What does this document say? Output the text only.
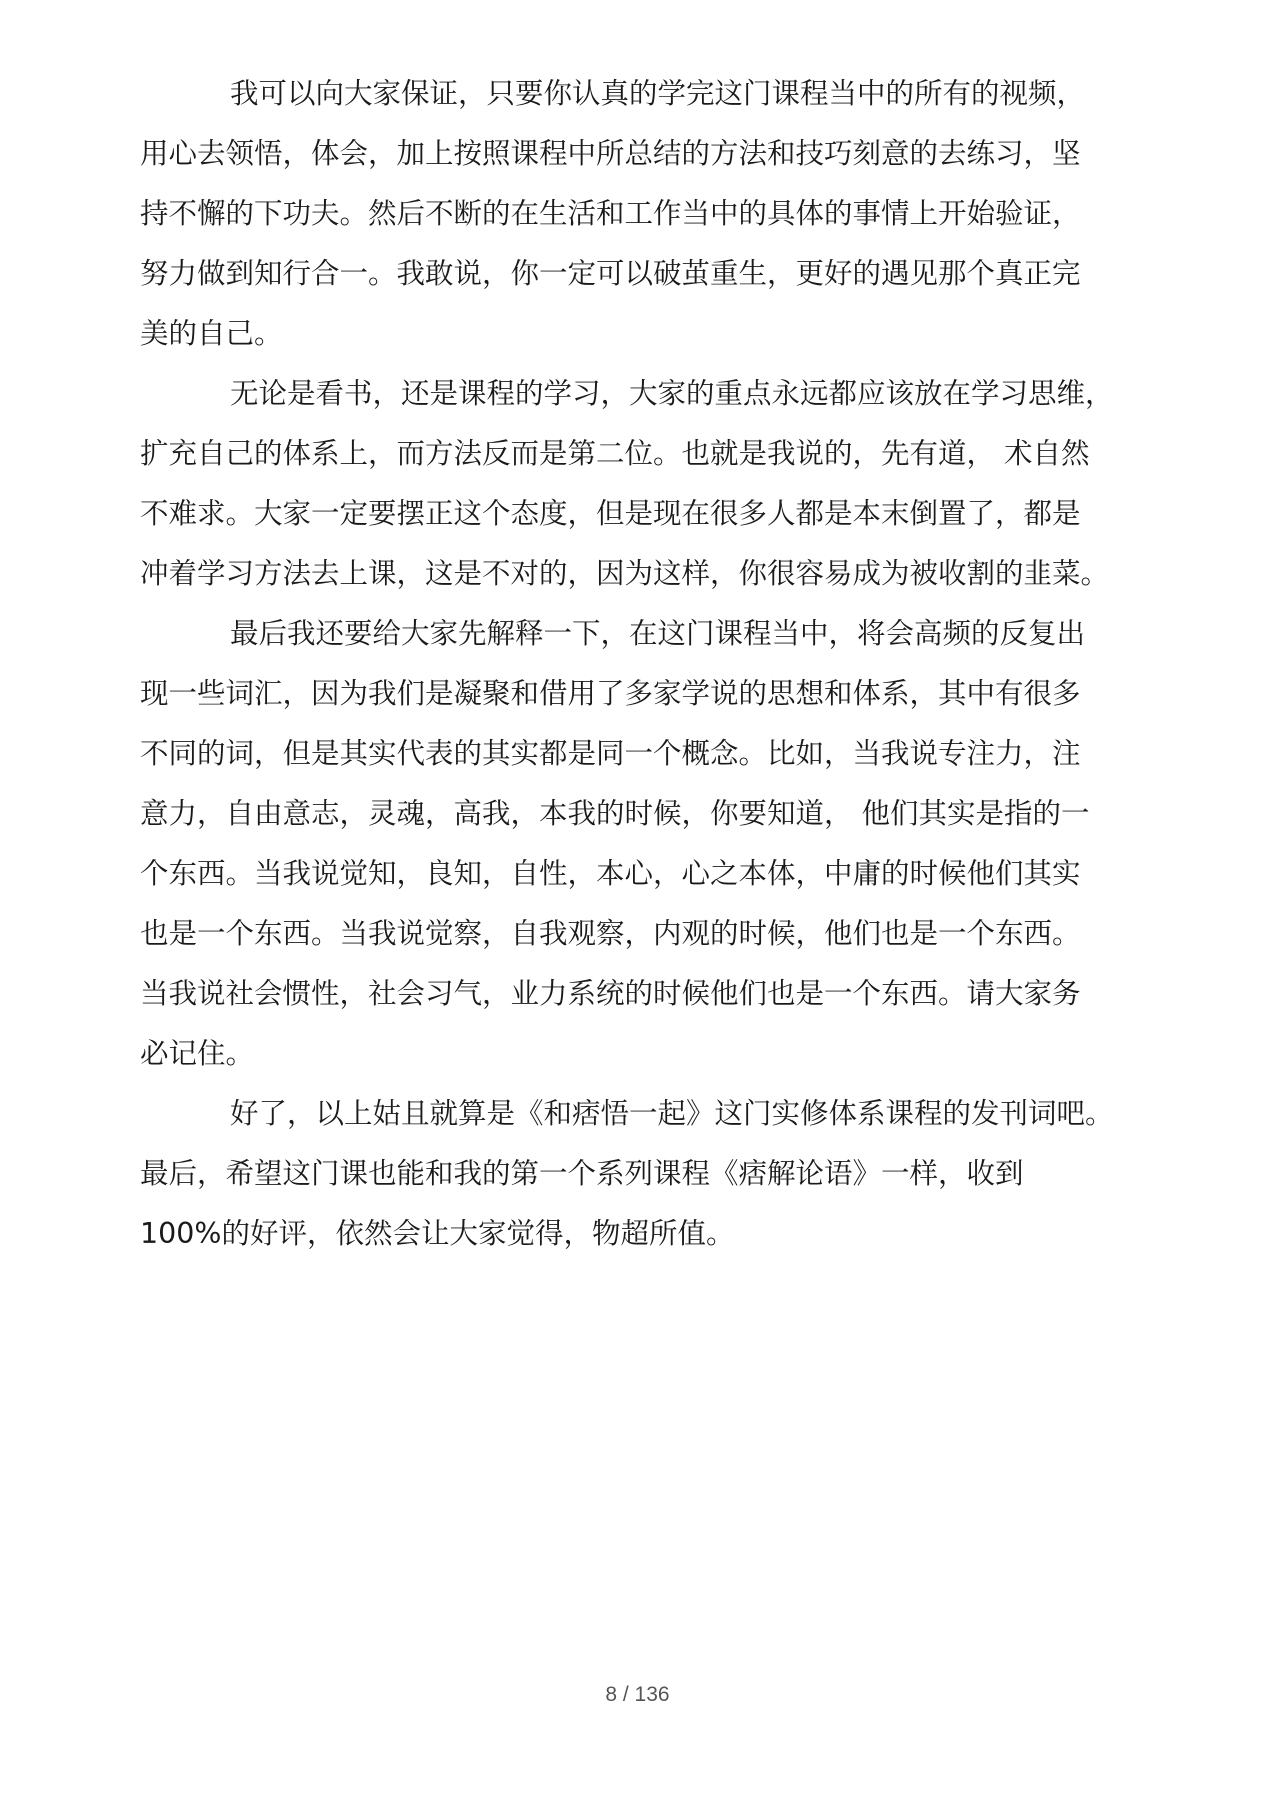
我可以向大家保证，只要你认真的学完这门课程当中的所有的视频，
用心去领悟，体会，加上按照课程中所总结的方法和技巧刻意的去练习，坚
持不懈的下功夫。然后不断的在生活和工作当中的具体的事情上开始验证，
努力做到知行合一。我敢说，你一定可以破茧重生，更好的遇见那个真正完
美的自己。
无论是看书，还是课程的学习，大家的重点永远都应该放在学习思维，
扩充自己的体系上，而方法反而是第二位。也就是我说的，先有道， 术自然
不难求。大家一定要摆正这个态度，但是现在很多人都是本末倒置了，都是
冲着学习方法去上课，这是不对的，因为这样，你很容易成为被收割的韭菜。
最后我还要给大家先解释一下，在这门课程当中，将会高频的反复出
现一些词汇，因为我们是凝聚和借用了多家学说的思想和体系，其中有很多
不同的词，但是其实代表的其实都是同一个概念。比如，当我说专注力，注
意力，自由意志，灵魂，高我，本我的时候，你要知道， 他们其实是指的一
个东西。当我说觉知，良知，自性，本心，心之本体，中庸的时候他们其实
也是一个东西。当我说觉察，自我观察，内观的时候，他们也是一个东西。
当我说社会惯性，社会习气，业力系统的时候他们也是一个东西。请大家务
必记住。
好了，以上姑且就算是《和痞悟一起》这门实修体系课程的发刊词吧。
最后，希望这门课也能和我的第一个系列课程《痞解论语》一样，收到
100%的好评，依然会让大家觉得，物超所值。
8 / 136
